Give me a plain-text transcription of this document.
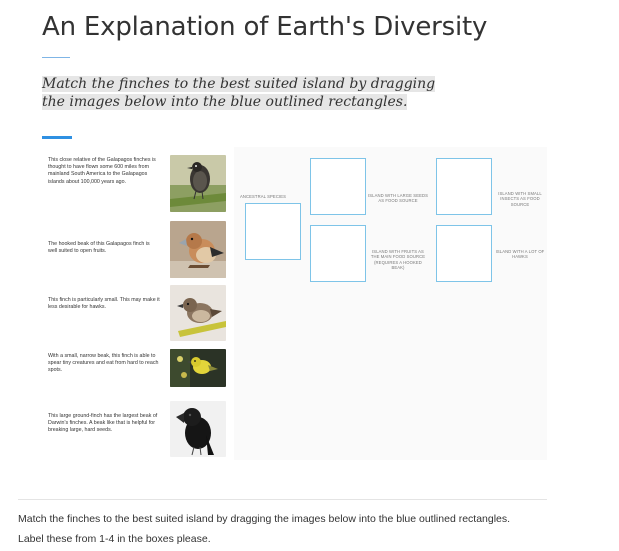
An Explanation of Earth's Diversity

Match the finches to the best suited island by dragging the images below into the blue outlined rectangles.

This close relative of the Galapagos finches is thought to have flown some 600 miles from mainland South America to the Galapagos islands about 100,000 years ago.
The hooked beak of this Galapagos finch is well suited to open fruits.
This finch is particularly small. This may make it less desirable for hawks.
With a small, narrow beak, this finch is able to spear tiny creatures and eat from hard to reach spots.
This large ground-finch has the largest beak of Darwin's finches. A beak like that is helpful for breaking large, hard seeds.
ANCESTRAL SPECIES	ISLAND WITH LARGE SEEDS AS FOOD SOURCE
ISLAND WITH SMALL INSECTS AS FOOD SOURCE
ISLAND WITH FRUITS AS THE MAIN FOOD SOURCE (REQUIRES A HOOKED BEAK)
ISLAND WITH A LOT OF HAWKS

Match the finches to the best suited island by dragging the images below into the blue outlined rectangles.

Label these from 1-4 in the boxes please.
